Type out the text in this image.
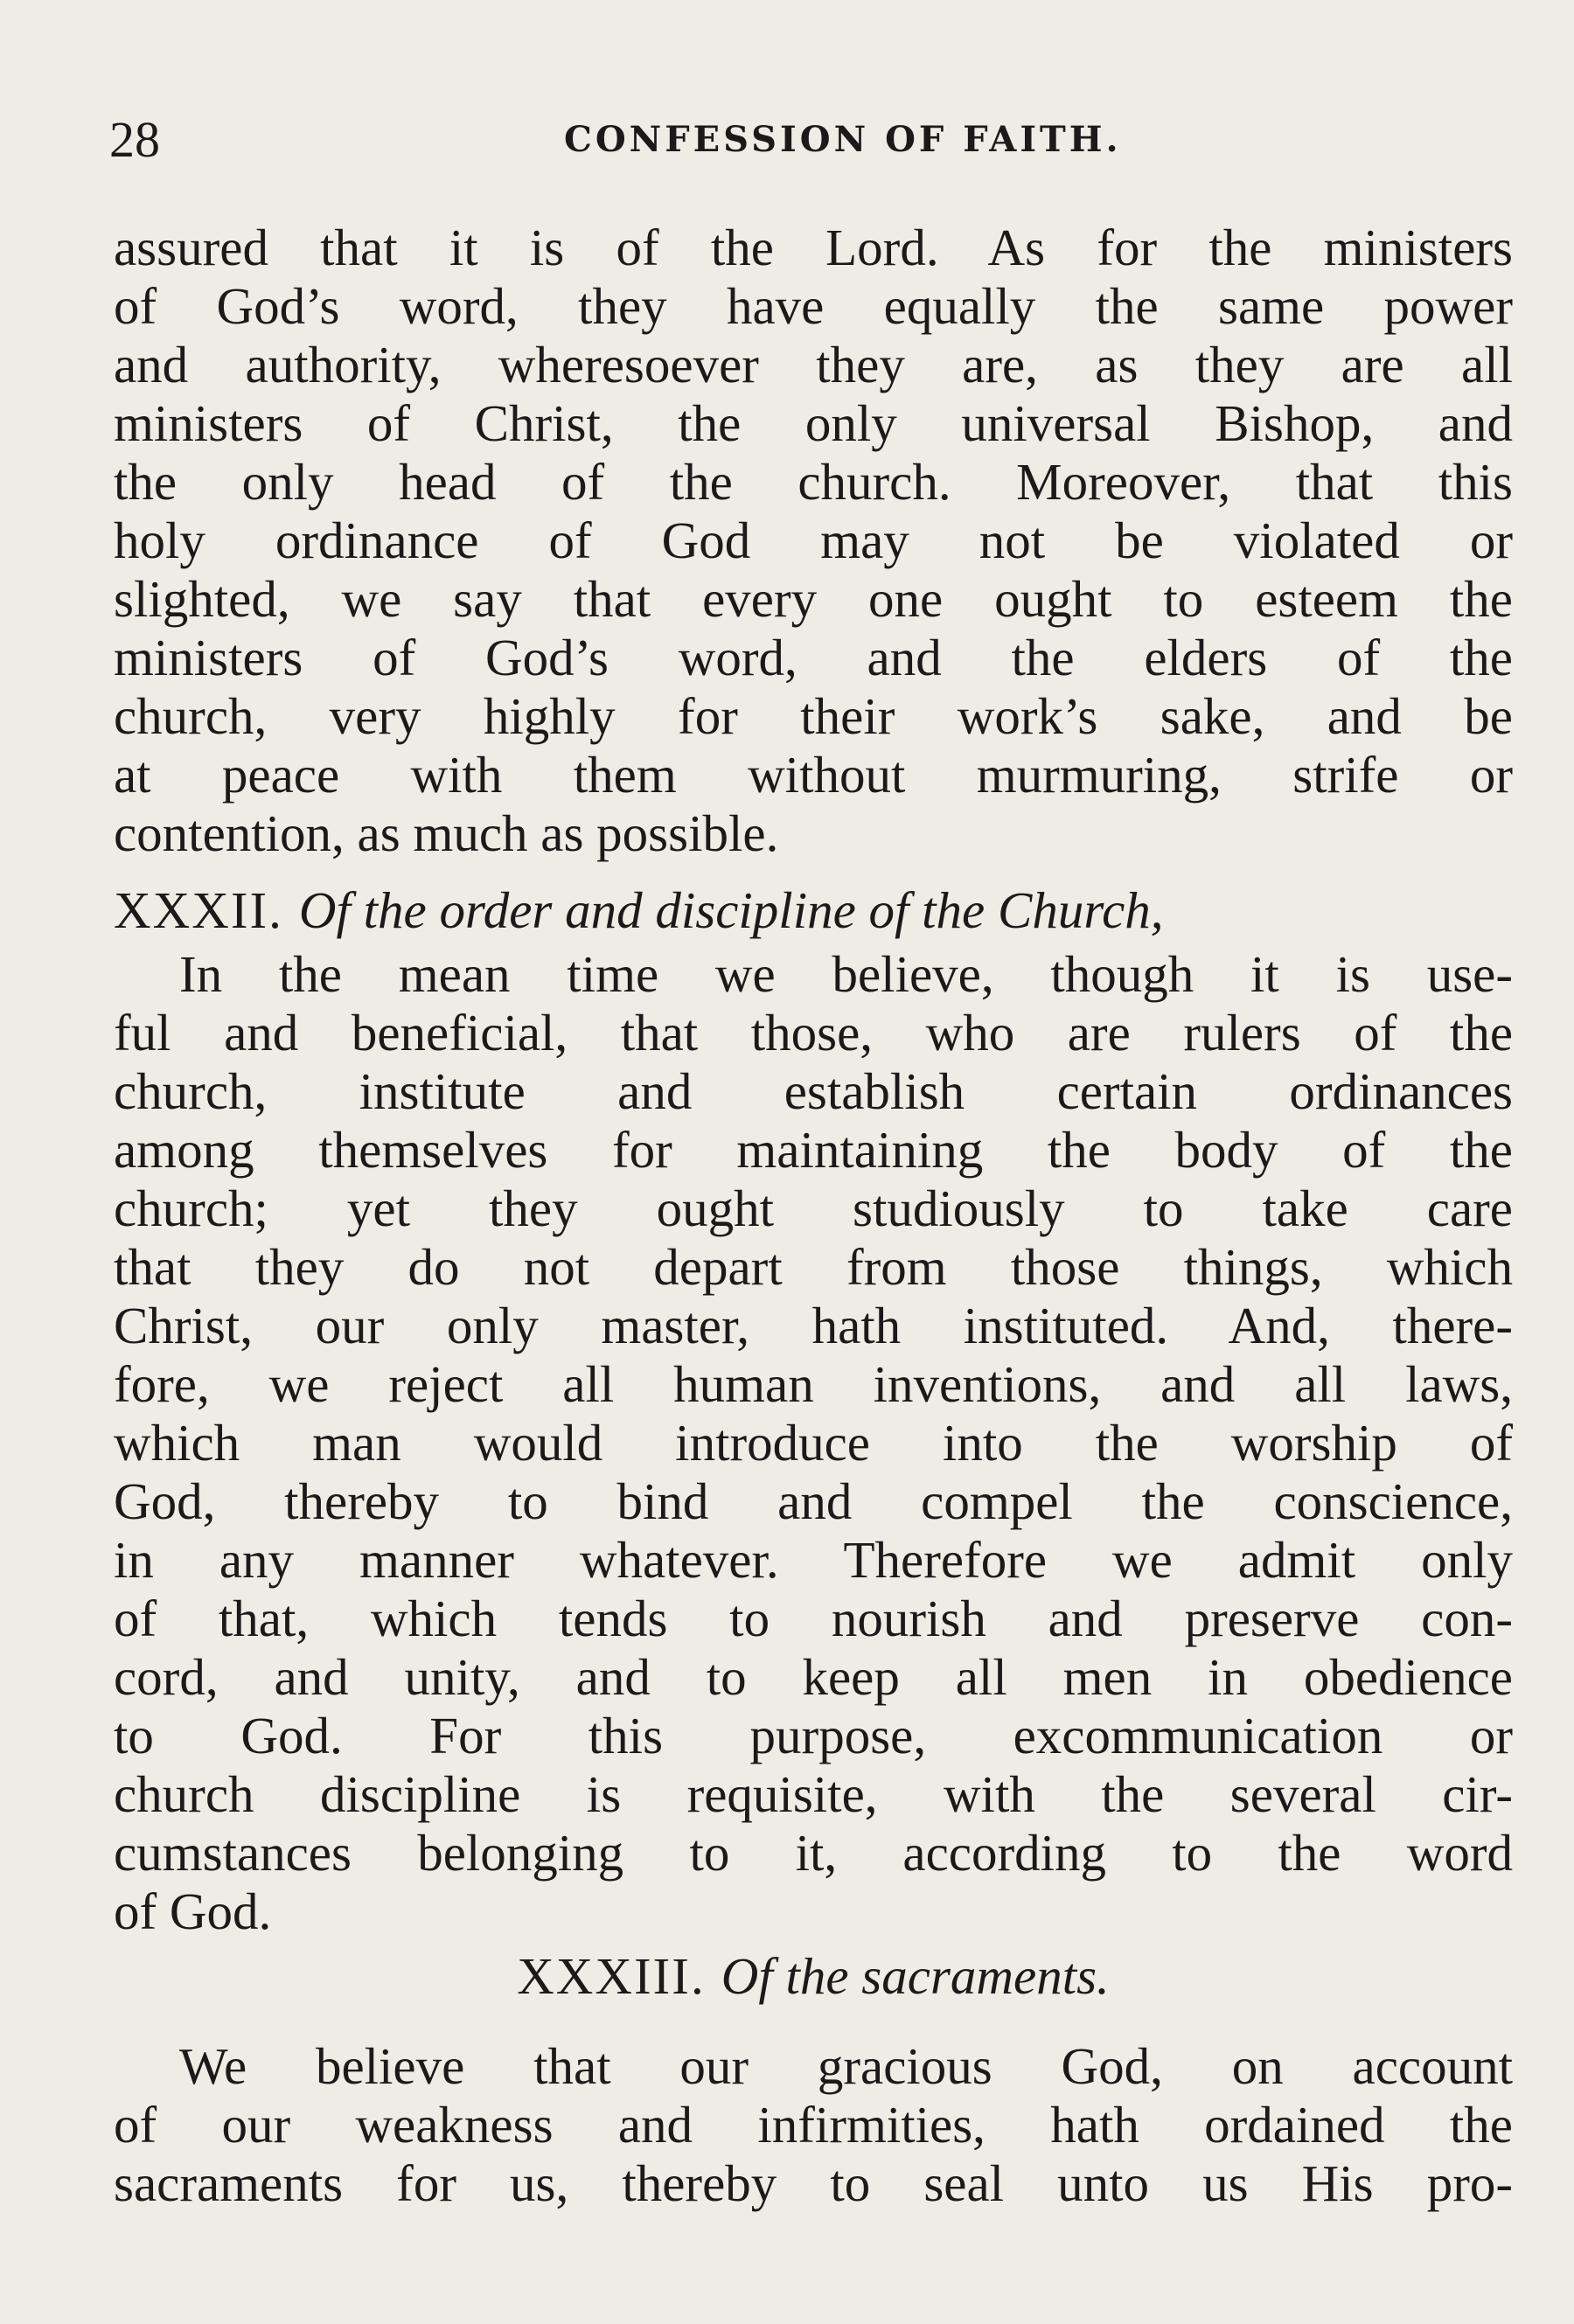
28	CONFESSION OF FAITH.
assured that it is of the Lord. As for the ministers
of God’s word, they have equally the same power
and authority, wheresoever they are, as they are all
ministers of Christ, the only universal Bishop, and
the only head of the church. Moreover, that this
holy ordinance of God may not be violated or
slighted, we say that every one ought to esteem the
ministers of God’s word, and the elders of the
church, very highly for their work’s sake, and be
at peace with them without murmuring, strife or
contention, as much as possible.
XXXII. Of the order and discipline of the Church,
In the mean time we believe, though it is use-
ful and beneficial, that those, who are rulers of the
church, institute and establish certain ordinances
among themselves for maintaining the body of the
church; yet they ought studiously to take care
that they do not depart from those things, which
Christ, our only master, hath instituted. And, there-
fore, we reject all human inventions, and all laws,
which man would introduce into the worship of
God, thereby to bind and compel the conscience,
in any manner whatever. Therefore we admit only
of that, which tends to nourish and preserve con-
cord, and unity, and to keep all men in obedience
to God. For this purpose, excommunication or
church discipline is requisite, with the several cir-
cumstances belonging to it, according to the word
of God.
XXXIII. Of the sacraments.
We believe that our gracious God, on account
of our weakness and infirmities, hath ordained the
sacraments for us, thereby to seal unto us His pro-
